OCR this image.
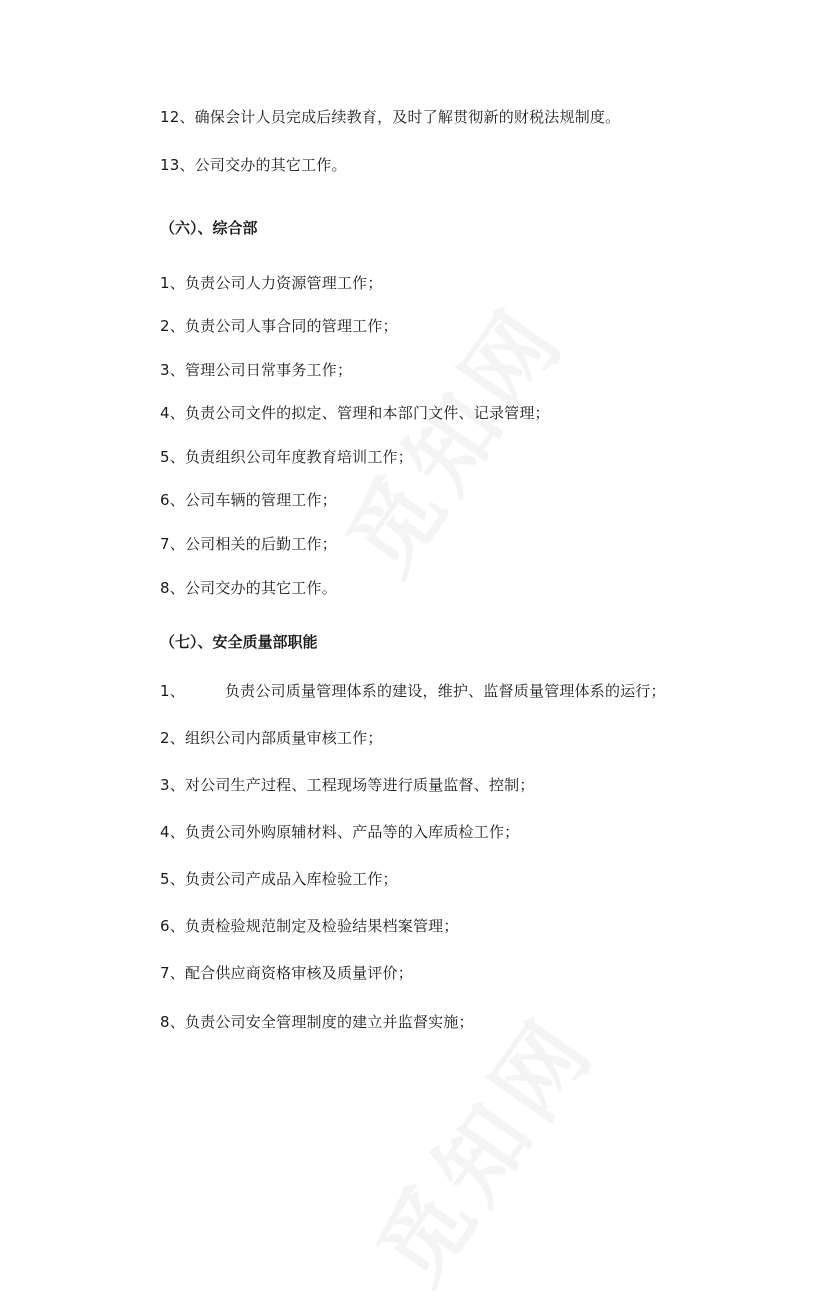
12、确保会计人员完成后续教育，及时了解贯彻新的财税法规制度。
13、公司交办的其它工作。
（六）、综合部
1、负责公司人力资源管理工作；
2、负责公司人事合同的管理工作；
3、管理公司日常事务工作；
4、负责公司文件的拟定、管理和本部门文件、记录管理；
5、负责组织公司年度教育培训工作；
6、公司车辆的管理工作；
7、公司相关的后勤工作；
8、公司交办的其它工作。
（七）、安全质量部职能
1、	负责公司质量管理体系的建设，维护、监督质量管理体系的运行；
2、组织公司内部质量审核工作；
3、对公司生产过程、工程现场等进行质量监督、控制；
4、负责公司外购原辅材料、产品等的入库质检工作；
5、负责公司产成品入库检验工作；
6、负责检验规范制定及检验结果档案管理；
7、配合供应商资格审核及质量评价；
8、负责公司安全管理制度的建立并监督实施；
